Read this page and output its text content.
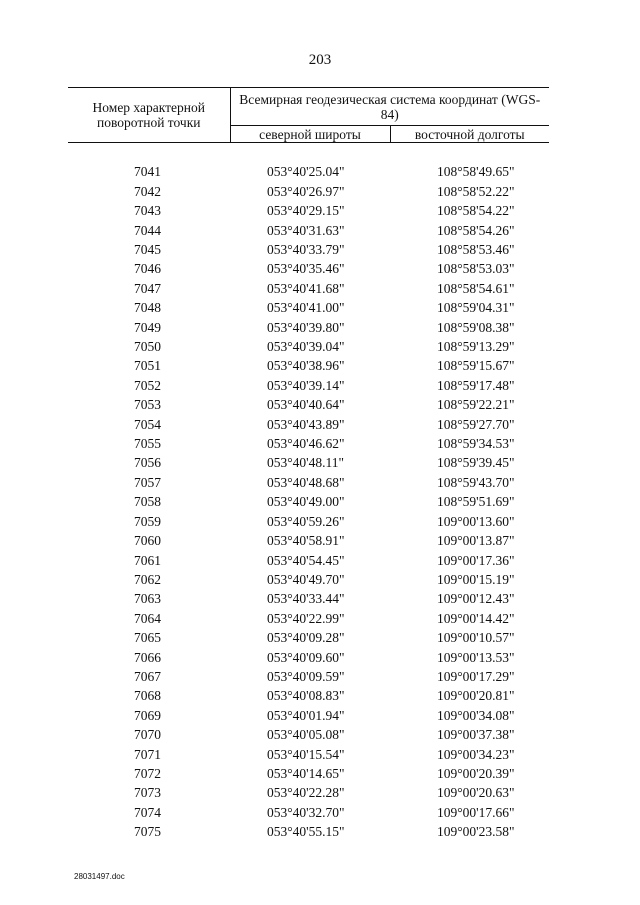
203
Номер характерной поворотной точки	Всемирная геодезическая система координат (WGS-84)	
	северной широты	восточной долготы

7041	053°40'25.04"	108°58'49.65"
7042	053°40'26.97"	108°58'52.22"
7043	053°40'29.15"	108°58'54.22"
7044	053°40'31.63"	108°58'54.26"
7045	053°40'33.79"	108°58'53.46"
7046	053°40'35.46"	108°58'53.03"
7047	053°40'41.68"	108°58'54.61"
7048	053°40'41.00"	108°59'04.31"
7049	053°40'39.80"	108°59'08.38"
7050	053°40'39.04"	108°59'13.29"
7051	053°40'38.96"	108°59'15.67"
7052	053°40'39.14"	108°59'17.48"
7053	053°40'40.64"	108°59'22.21"
7054	053°40'43.89"	108°59'27.70"
7055	053°40'46.62"	108°59'34.53"
7056	053°40'48.11"	108°59'39.45"
7057	053°40'48.68"	108°59'43.70"
7058	053°40'49.00"	108°59'51.69"
7059	053°40'59.26"	109°00'13.60"
7060	053°40'58.91"	109°00'13.87"
7061	053°40'54.45"	109°00'17.36"
7062	053°40'49.70"	109°00'15.19"
7063	053°40'33.44"	109°00'12.43"
7064	053°40'22.99"	109°00'14.42"
7065	053°40'09.28"	109°00'10.57"
7066	053°40'09.60"	109°00'13.53"
7067	053°40'09.59"	109°00'17.29"
7068	053°40'08.83"	109°00'20.81"
7069	053°40'01.94"	109°00'34.08"
7070	053°40'05.08"	109°00'37.38"
7071	053°40'15.54"	109°00'34.23"
7072	053°40'14.65"	109°00'20.39"
7073	053°40'22.28"	109°00'20.63"
7074	053°40'32.70"	109°00'17.66"
7075	053°40'55.15"	109°00'23.58"
28031497.doc
